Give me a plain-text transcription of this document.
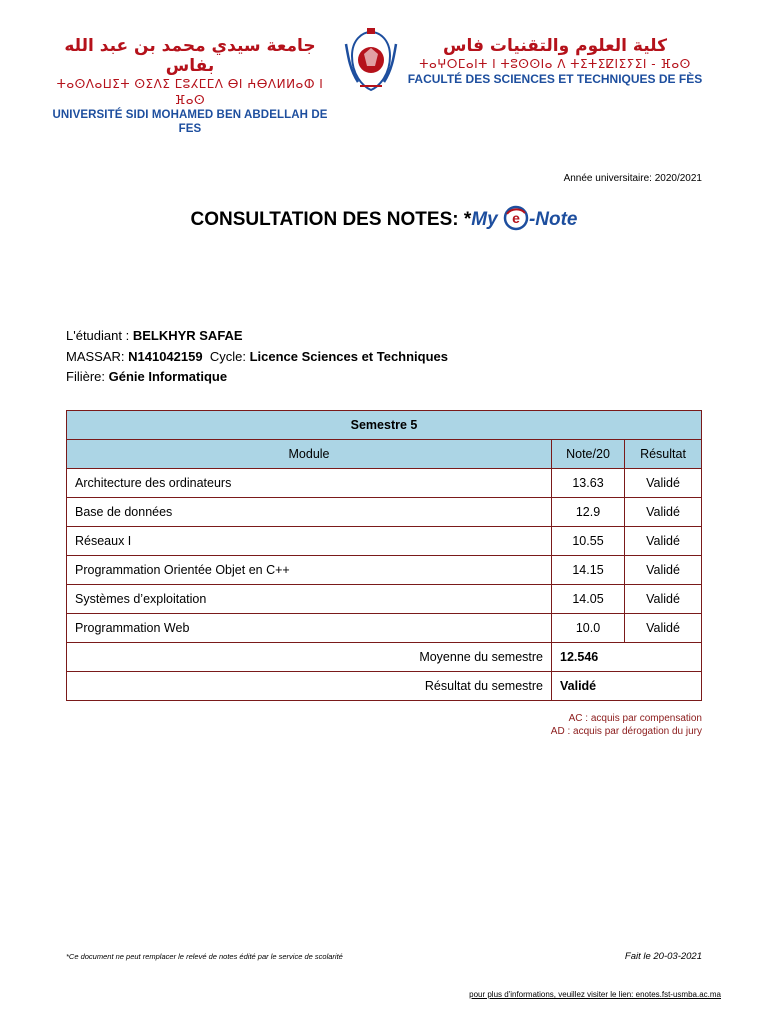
جامعة سيدي محمد بن عبد الله بفاس
ⵜⴰⵙⴷⴰⵡⵉⵜ ⵙⵉⴷⵉ ⵎⵓⵃⵎⵎⴷ ⴱⵏ ⵄⴱⴷⵍⵍⴰⵀ ⵏ ⴼⴰⵙ
UNIVERSITÉ SIDI MOHAMED BEN ABDELLAH DE FES
كلية العلوم والتقنيات فاس
ⵜⴰⵖⵔⵎⴰⵏⵜ ⵏ ⵜⵓⵙⵙⵏⴰ ⴷ ⵜⵉⵜⵉⵇⵏⵉⵢⵉⵏ - ⴼⴰⵙ
FACULTÉ DES SCIENCES ET TECHNIQUES DE FÈS
Année universitaire: 2020/2021
CONSULTATION DES NOTES: *My e -Note
L'étudiant : BELKHYR SAFAE
MASSAR: N141042159  Cycle: Licence Sciences et Techniques
Filière: Génie Informatique
Semestre 5		
Module	Note/20	Résultat
Architecture des ordinateurs	13.63	Validé
Base de données	12.9	Validé
Réseaux I	10.55	Validé
Programmation Orientée Objet en C++	14.15	Validé
Systèmes d’exploitation	14.05	Validé
Programmation Web	10.0	Validé
Moyenne du semestre	12.546	
Résultat du semestre	Validé	
AC : acquis par compensation
AD : acquis par dérogation du jury
*Ce document ne peut remplacer le relevé de notes édité par le service de scolarité	Fait le 20-03-2021
pour plus d'informations, veuillez visiter le lien: enotes.fst-usmba.ac.ma
